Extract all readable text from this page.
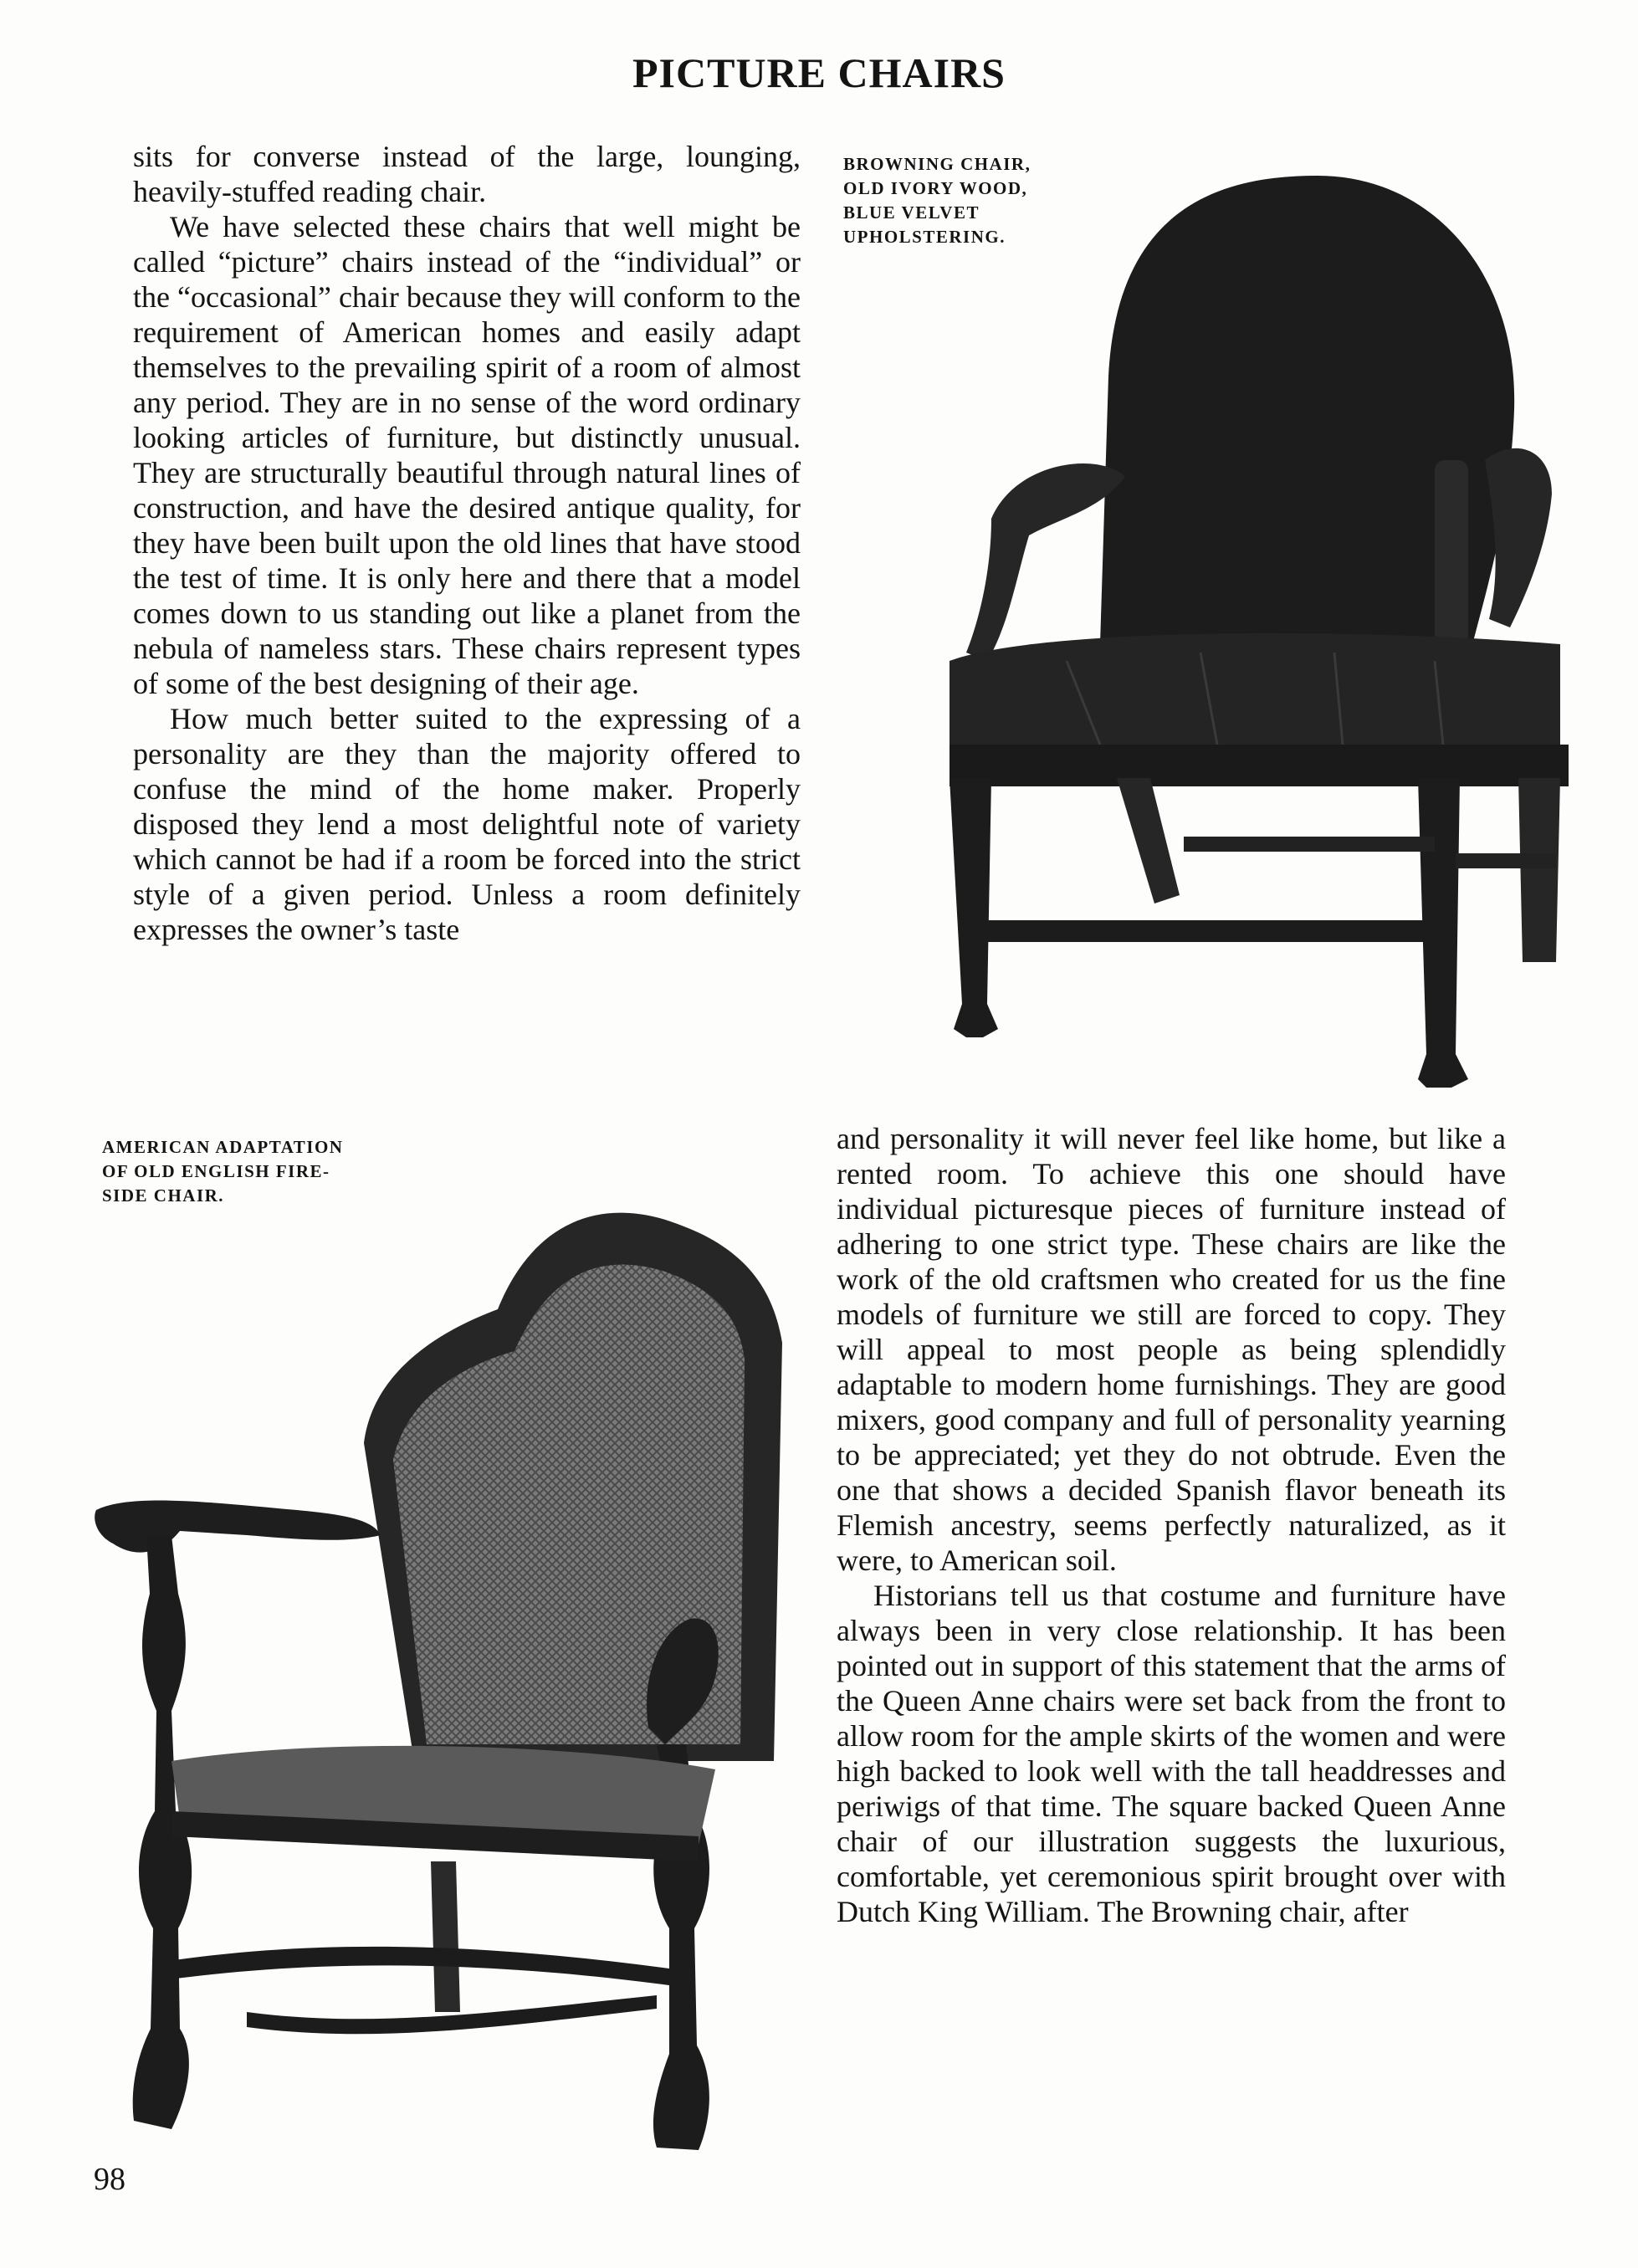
PICTURE CHAIRS

sits for converse instead of the large, lounging, heavily-stuffed reading chair.

We have selected these chairs that well might be called “picture” chairs instead of the “individual” or the “occasional” chair because they will conform to the requirement of American homes and easily adapt themselves to the prevailing spirit of a room of almost any period. They are in no sense of the word ordinary looking articles of furniture, but distinctly unusual. They are structurally beautiful through natural lines of construction, and have the desired antique quality, for they have been built upon the old lines that have stood the test of time. It is only here and there that a model comes down to us standing out like a planet from the nebula of nameless stars. These chairs represent types of some of the best designing of their age.

How much better suited to the expressing of a personality are they than the majority offered to confuse the mind of the home maker. Properly disposed they lend a most delightful note of variety which cannot be had if a room be forced into the strict style of a given period. Unless a room definitely expresses the owner’s taste

BROWNING CHAIR,
OLD IVORY WOOD,
BLUE VELVET
UPHOLSTERING.
AMERICAN ADAPTATION
OF OLD ENGLISH FIRE-
SIDE CHAIR.

and personality it will never feel like home, but like a rented room. To achieve this one should have individual picturesque pieces of furniture instead of adhering to one strict type. These chairs are like the work of the old craftsmen who created for us the fine models of furniture we still are forced to copy. They will appeal to most people as being splendidly adaptable to modern home furnishings. They are good mixers, good company and full of personality yearning to be appreciated; yet they do not obtrude. Even the one that shows a decided Spanish flavor beneath its Flemish ancestry, seems perfectly naturalized, as it were, to American soil.

Historians tell us that costume and furniture have always been in very close relationship. It has been pointed out in support of this statement that the arms of the Queen Anne chairs were set back from the front to allow room for the ample skirts of the women and were high backed to look well with the tall headdresses and periwigs of that time. The square backed Queen Anne chair of our illustration suggests the luxurious, comfortable, yet ceremonious spirit brought over with Dutch King William. The Browning chair, after

98
